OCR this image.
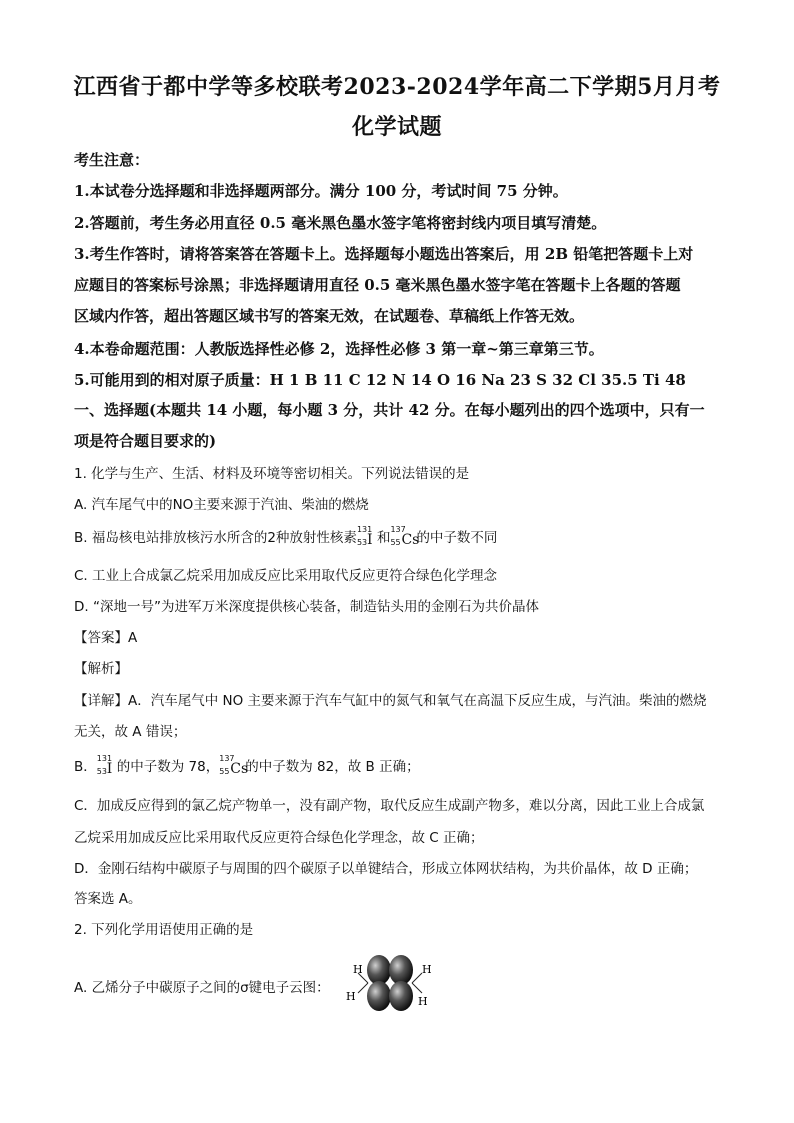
江西省于都中学等多校联考2023-2024学年高二下学期5月月考
化学试题
考生注意：
1.本试卷分选择题和非选择题两部分。满分 100 分，考试时间 75 分钟。
2.答题前，考生务必用直径 0.5 毫米黑色墨水签字笔将密封线内项目填写清楚。
3.考生作答时，请将答案答在答题卡上。选择题每小题选出答案后，用 2B 铅笔把答题卡上对
应题目的答案标号涂黑；非选择题请用直径 0.5 毫米黑色墨水签字笔在答题卡上各题的答题
区域内作答，超出答题区域书写的答案无效，在试题卷、草稿纸上作答无效。
4.本卷命题范围：人教版选择性必修 2，选择性必修 3 第一章~第三章第三节。
5.可能用到的相对原子质量：H 1 B 11 C 12 N 14 O 16 Na 23 S 32 Cl 35.5 Ti 48
一、选择题(本题共 14 小题，每小题 3 分，共计 42 分。在每小题列出的四个选项中，只有一
项是符合题目要求的)
1. 化学与生产、生活、材料及环境等密切相关。下列说法错误的是
A. 汽车尾气中的NO主要来源于汽油、柴油的燃烧
B. 福岛核电站排放核污水所含的2种放射性核素
131
53 I 和
137
55 Cs
的中子数不同
C. 工业上合成氯乙烷采用加成反应比采用取代反应更符合绿色化学理念
D. “深地一号”为进军万米深度提供核心装备，制造钻头用的金刚石为共价晶体
【答案】A
【解析】
【详解】A．汽车尾气中 NO 主要来源于汽车气缸中的氮气和氧气在高温下反应生成，与汽油。柴油的燃烧
无关，故 A 错误；
B．
131
53 I 的中子数为 78，
137
55 Cs
的中子数为 82，故 B 正确；
C．加成反应得到的氯乙烷产物单一，没有副产物，取代反应生成副产物多，难以分离，因此工业上合成氯
乙烷采用加成反应比采用取代反应更符合绿色化学理念，故 C 正确；
D．金刚石结构中碳原子与周围的四个碳原子以单键结合，形成立体网状结构，为共价晶体，故 D 正确；
答案选 A。
2. 下列化学用语使用正确的是
A. 乙烯分子中碳原子之间的σ键电子云图：
H
H
H
H
